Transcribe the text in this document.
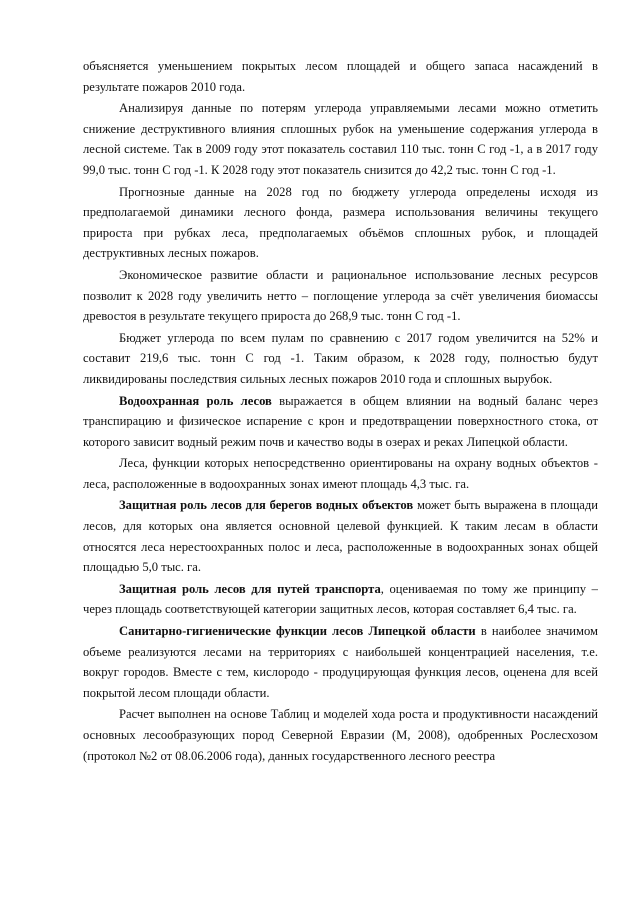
объясняется уменьшением покрытых лесом площадей и общего запаса насаждений в результате пожаров 2010 года.

Анализируя данные по потерям углерода управляемыми лесами можно отметить снижение деструктивного влияния сплошных рубок на уменьшение содержания углерода в лесной системе. Так в 2009 году этот показатель составил 110 тыс. тонн С год -1, а в 2017 году 99,0 тыс. тонн С год -1. К 2028 году этот показатель снизится до 42,2 тыс. тонн С год -1.

Прогнозные данные на 2028 год по бюджету углерода определены исходя из предполагаемой динамики лесного фонда, размера использования величины текущего прироста при рубках леса, предполагаемых объёмов сплошных рубок, и площадей деструктивных лесных пожаров.

Экономическое развитие области и рациональное использование лесных ресурсов позволит к 2028 году увеличить нетто – поглощение углерода за счёт увеличения биомассы древостоя в результате текущего прироста до 268,9 тыс. тонн С год -1.

Бюджет углерода по всем пулам по сравнению с 2017 годом увеличится на 52% и составит 219,6 тыс. тонн С год -1. Таким образом, к 2028 году, полностью будут ликвидированы последствия сильных лесных пожаров 2010 года и сплошных вырубок.

Водоохранная роль лесов выражается в общем влиянии на водный баланс через транспирацию и физическое испарение с крон и предотвращении поверхностного стока, от которого зависит водный режим почв и качество воды в озерах и реках Липецкой области.

Леса, функции которых непосредственно ориентированы на охрану водных объектов - леса, расположенные в водоохранных зонах имеют площадь 4,3 тыс. га.

Защитная роль лесов для берегов водных объектов может быть выражена в площади лесов, для которых она является основной целевой функцией. К таким лесам в области относятся леса нерестоохранных полос и леса, расположенные в водоохранных зонах общей площадью 5,0 тыс. га.

Защитная роль лесов для путей транспорта, оцениваемая по тому же принципу – через площадь соответствующей категории защитных лесов, которая составляет 6,4 тыс. га.

Санитарно-гигиенические функции лесов Липецкой области в наиболее значимом объеме реализуются лесами на территориях с наибольшей концентрацией населения, т.е. вокруг городов. Вместе с тем, кислородо - продуцирующая функция лесов, оценена для всей покрытой лесом площади области.

Расчет выполнен на основе Таблиц и моделей хода роста и продуктивности насаждений основных лесообразующих пород Северной Евразии (М, 2008), одобренных Рослесхозом (протокол №2 от 08.06.2006 года), данных государственного лесного реестра
